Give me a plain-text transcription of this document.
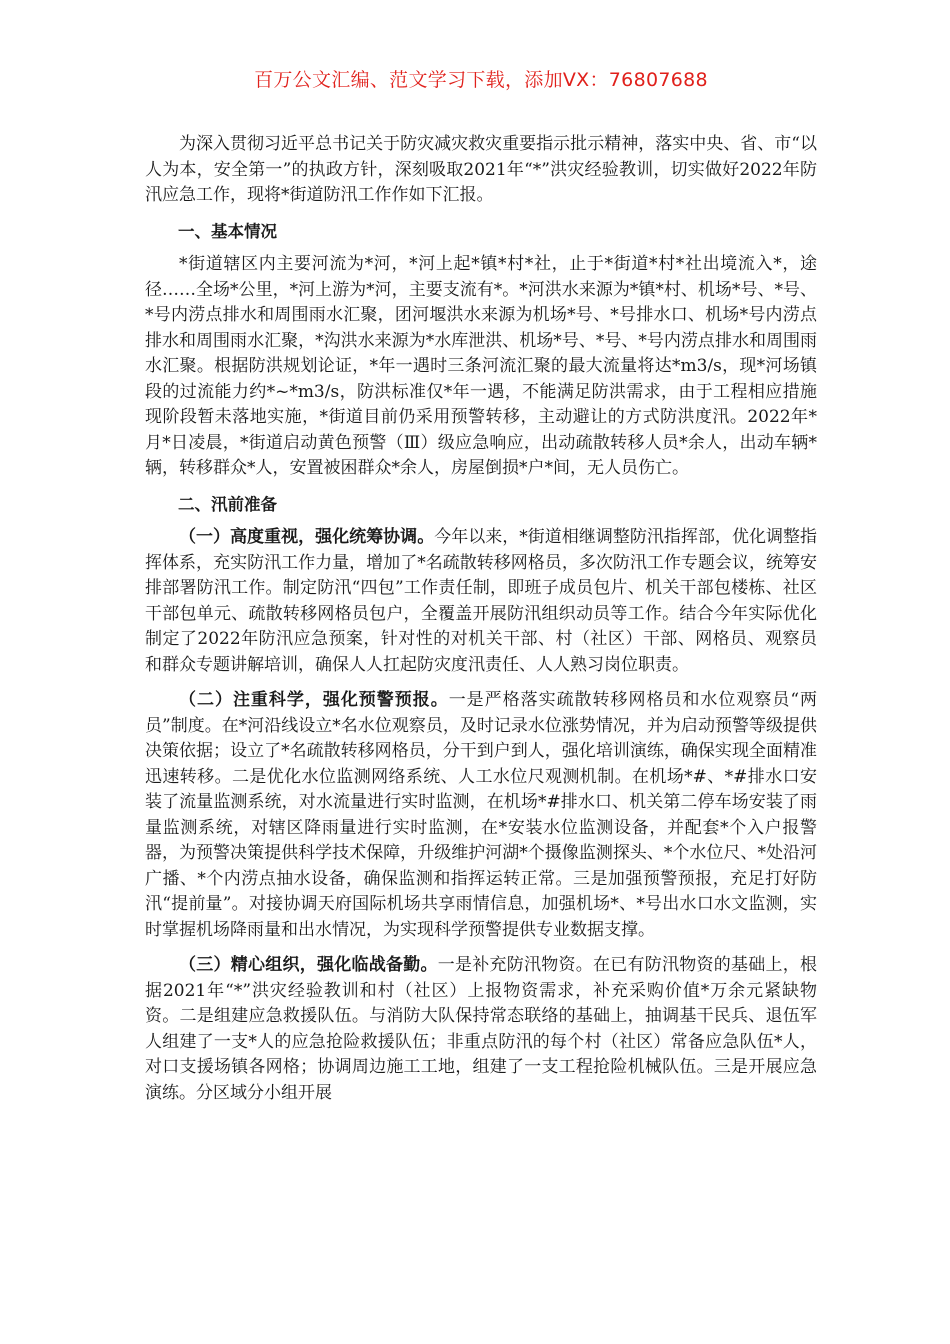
百万公文汇编、范文学习下载，添加VX：76807688

为深入贯彻习近平总书记关于防灾减灾救灾重要指示批示精神，落实中央、省、市“以人为本，安全第一”的执政方针，深刻吸取2021年“*”洪灾经验教训，切实做好2022年防汛应急工作，现将*街道防汛工作作如下汇报。

一、基本情况

*街道辖区内主要河流为*河，*河上起*镇*村*社，止于*街道*村*社出境流入*，途径……全场*公里，*河上游为*河，主要支流有*。*河洪水来源为*镇*村、机场*号、*号、*号内涝点排水和周围雨水汇聚，团河堰洪水来源为机场*号、*号排水口、机场*号内涝点排水和周围雨水汇聚，*沟洪水来源为*水库泄洪、机场*号、*号、*号内涝点排水和周围雨水汇聚。根据防洪规划论证，*年一遇时三条河流汇聚的最大流量将达*m3/s，现*河场镇段的过流能力约*~*m3/s，防洪标准仅*年一遇，不能满足防洪需求，由于工程相应措施现阶段暂未落地实施，*街道目前仍采用预警转移，主动避让的方式防洪度汛。2022年*月*日凌晨，*街道启动黄色预警（Ⅲ）级应急响应，出动疏散转移人员*余人，出动车辆*辆，转移群众*人，安置被困群众*余人，房屋倒损*户*间，无人员伤亡。

二、汛前准备

（一）高度重视，强化统筹协调。今年以来，*街道相继调整防汛指挥部，优化调整指挥体系，充实防汛工作力量，增加了*名疏散转移网格员，多次防汛工作专题会议，统筹安排部署防汛工作。制定防汛“四包”工作责任制，即班子成员包片、机关干部包楼栋、社区干部包单元、疏散转移网格员包户，全覆盖开展防汛组织动员等工作。结合今年实际优化制定了2022年防汛应急预案，针对性的对机关干部、村（社区）干部、网格员、观察员和群众专题讲解培训，确保人人扛起防灾度汛责任、人人熟习岗位职责。

（二）注重科学，强化预警预报。一是严格落实疏散转移网格员和水位观察员“两员”制度。在*河沿线设立*名水位观察员，及时记录水位涨势情况，并为启动预警等级提供决策依据；设立了*名疏散转移网格员，分干到户到人，强化培训演练，确保实现全面精准迅速转移。二是优化水位监测网络系统、人工水位尺观测机制。在机场*#、*#排水口安装了流量监测系统，对水流量进行实时监测，在机场*#排水口、机关第二停车场安装了雨量监测系统，对辖区降雨量进行实时监测，在*安装水位监测设备，并配套*个入户报警器，为预警决策提供科学技术保障，升级维护河湖*个摄像监测探头、*个水位尺、*处沿河广播、*个内涝点抽水设备，确保监测和指挥运转正常。三是加强预警预报，充足打好防汛“提前量”。对接协调天府国际机场共享雨情信息，加强机场*、*号出水口水文监测，实时掌握机场降雨量和出水情况，为实现科学预警提供专业数据支撑。

（三）精心组织，强化临战备勤。一是补充防汛物资。在已有防汛物资的基础上，根据2021年“*”洪灾经验教训和村（社区）上报物资需求，补充采购价值*万余元紧缺物资。二是组建应急救援队伍。与消防大队保持常态联络的基础上，抽调基干民兵、退伍军人组建了一支*人的应急抢险救援队伍；非重点防汛的每个村（社区）常备应急队伍*人，对口支援场镇各网格；协调周边施工工地，组建了一支工程抢险机械队伍。三是开展应急演练。分区域分小组开展
